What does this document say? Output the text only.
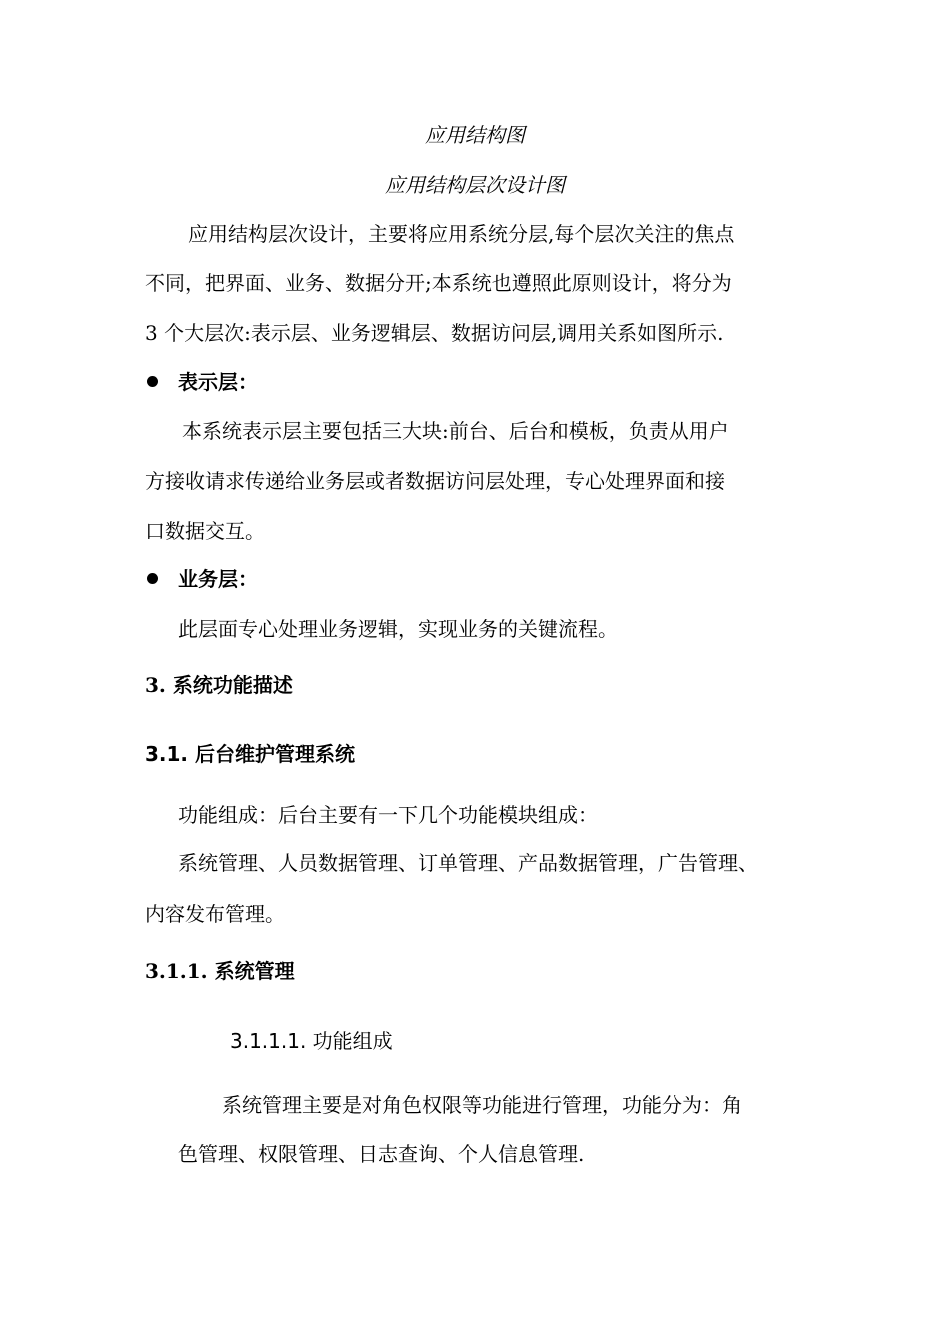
应用结构图
应用结构层次设计图
应用结构层次设计，主要将应用系统分层,每个层次关注的焦点
不同，把界面、业务、数据分开;本系统也遵照此原则设计，将分为
3 个大层次:表示层、业务逻辑层、数据访问层,调用关系如图所示.
表示层：
本系统表示层主要包括三大块:前台、后台和模板，负责从用户
方接收请求传递给业务层或者数据访问层处理，专心处理界面和接
口数据交互。
业务层：
此层面专心处理业务逻辑，实现业务的关键流程。
3. 系统功能描述
3.1. 后台维护管理系统
功能组成：后台主要有一下几个功能模块组成：
系统管理、人员数据管理、订单管理、产品数据管理，广告管理、
内容发布管理。
3.1.1. 系统管理
3.1.1.1. 功能组成
系统管理主要是对角色权限等功能进行管理，功能分为：角
色管理、权限管理、日志查询、个人信息管理.
